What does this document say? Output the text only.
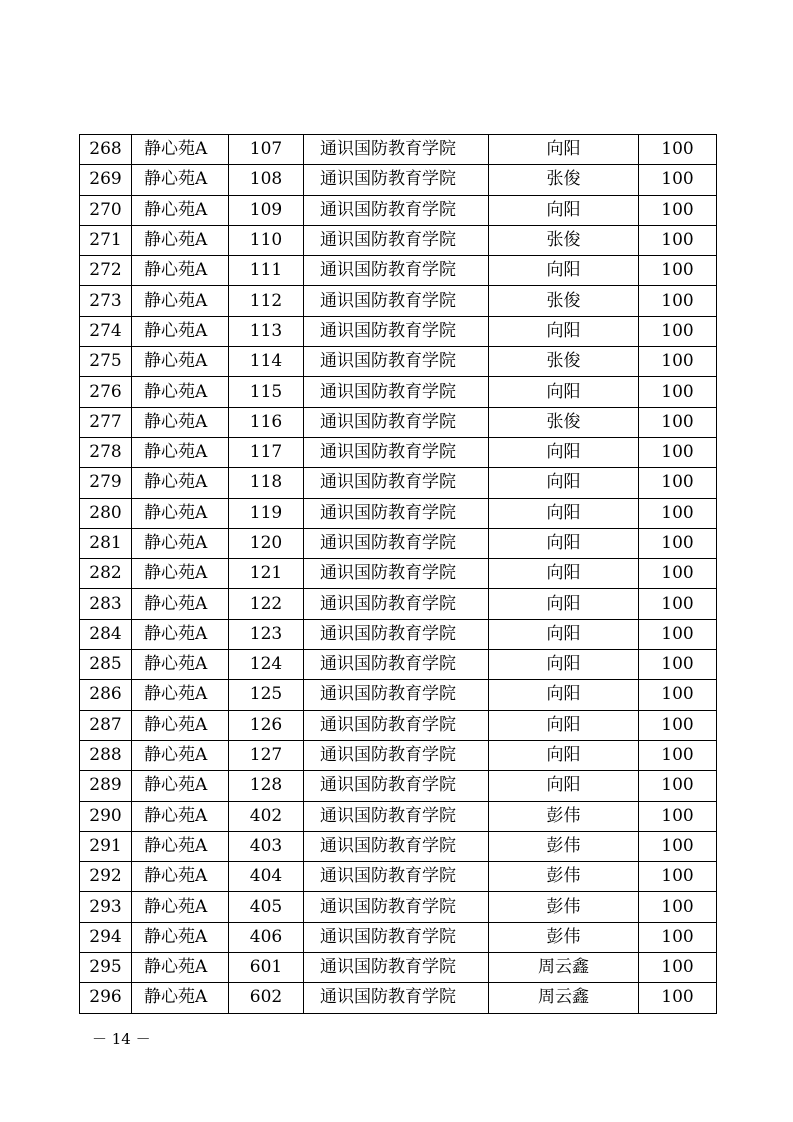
268	静心苑A	107	通识国防教育学院	向阳	100
269	静心苑A	108	通识国防教育学院	张俊	100
270	静心苑A	109	通识国防教育学院	向阳	100
271	静心苑A	110	通识国防教育学院	张俊	100
272	静心苑A	111	通识国防教育学院	向阳	100
273	静心苑A	112	通识国防教育学院	张俊	100
274	静心苑A	113	通识国防教育学院	向阳	100
275	静心苑A	114	通识国防教育学院	张俊	100
276	静心苑A	115	通识国防教育学院	向阳	100
277	静心苑A	116	通识国防教育学院	张俊	100
278	静心苑A	117	通识国防教育学院	向阳	100
279	静心苑A	118	通识国防教育学院	向阳	100
280	静心苑A	119	通识国防教育学院	向阳	100
281	静心苑A	120	通识国防教育学院	向阳	100
282	静心苑A	121	通识国防教育学院	向阳	100
283	静心苑A	122	通识国防教育学院	向阳	100
284	静心苑A	123	通识国防教育学院	向阳	100
285	静心苑A	124	通识国防教育学院	向阳	100
286	静心苑A	125	通识国防教育学院	向阳	100
287	静心苑A	126	通识国防教育学院	向阳	100
288	静心苑A	127	通识国防教育学院	向阳	100
289	静心苑A	128	通识国防教育学院	向阳	100
290	静心苑A	402	通识国防教育学院	彭伟	100
291	静心苑A	403	通识国防教育学院	彭伟	100
292	静心苑A	404	通识国防教育学院	彭伟	100
293	静心苑A	405	通识国防教育学院	彭伟	100
294	静心苑A	406	通识国防教育学院	彭伟	100
295	静心苑A	601	通识国防教育学院	周云鑫	100
296	静心苑A	602	通识国防教育学院	周云鑫	100
－ 14 －
